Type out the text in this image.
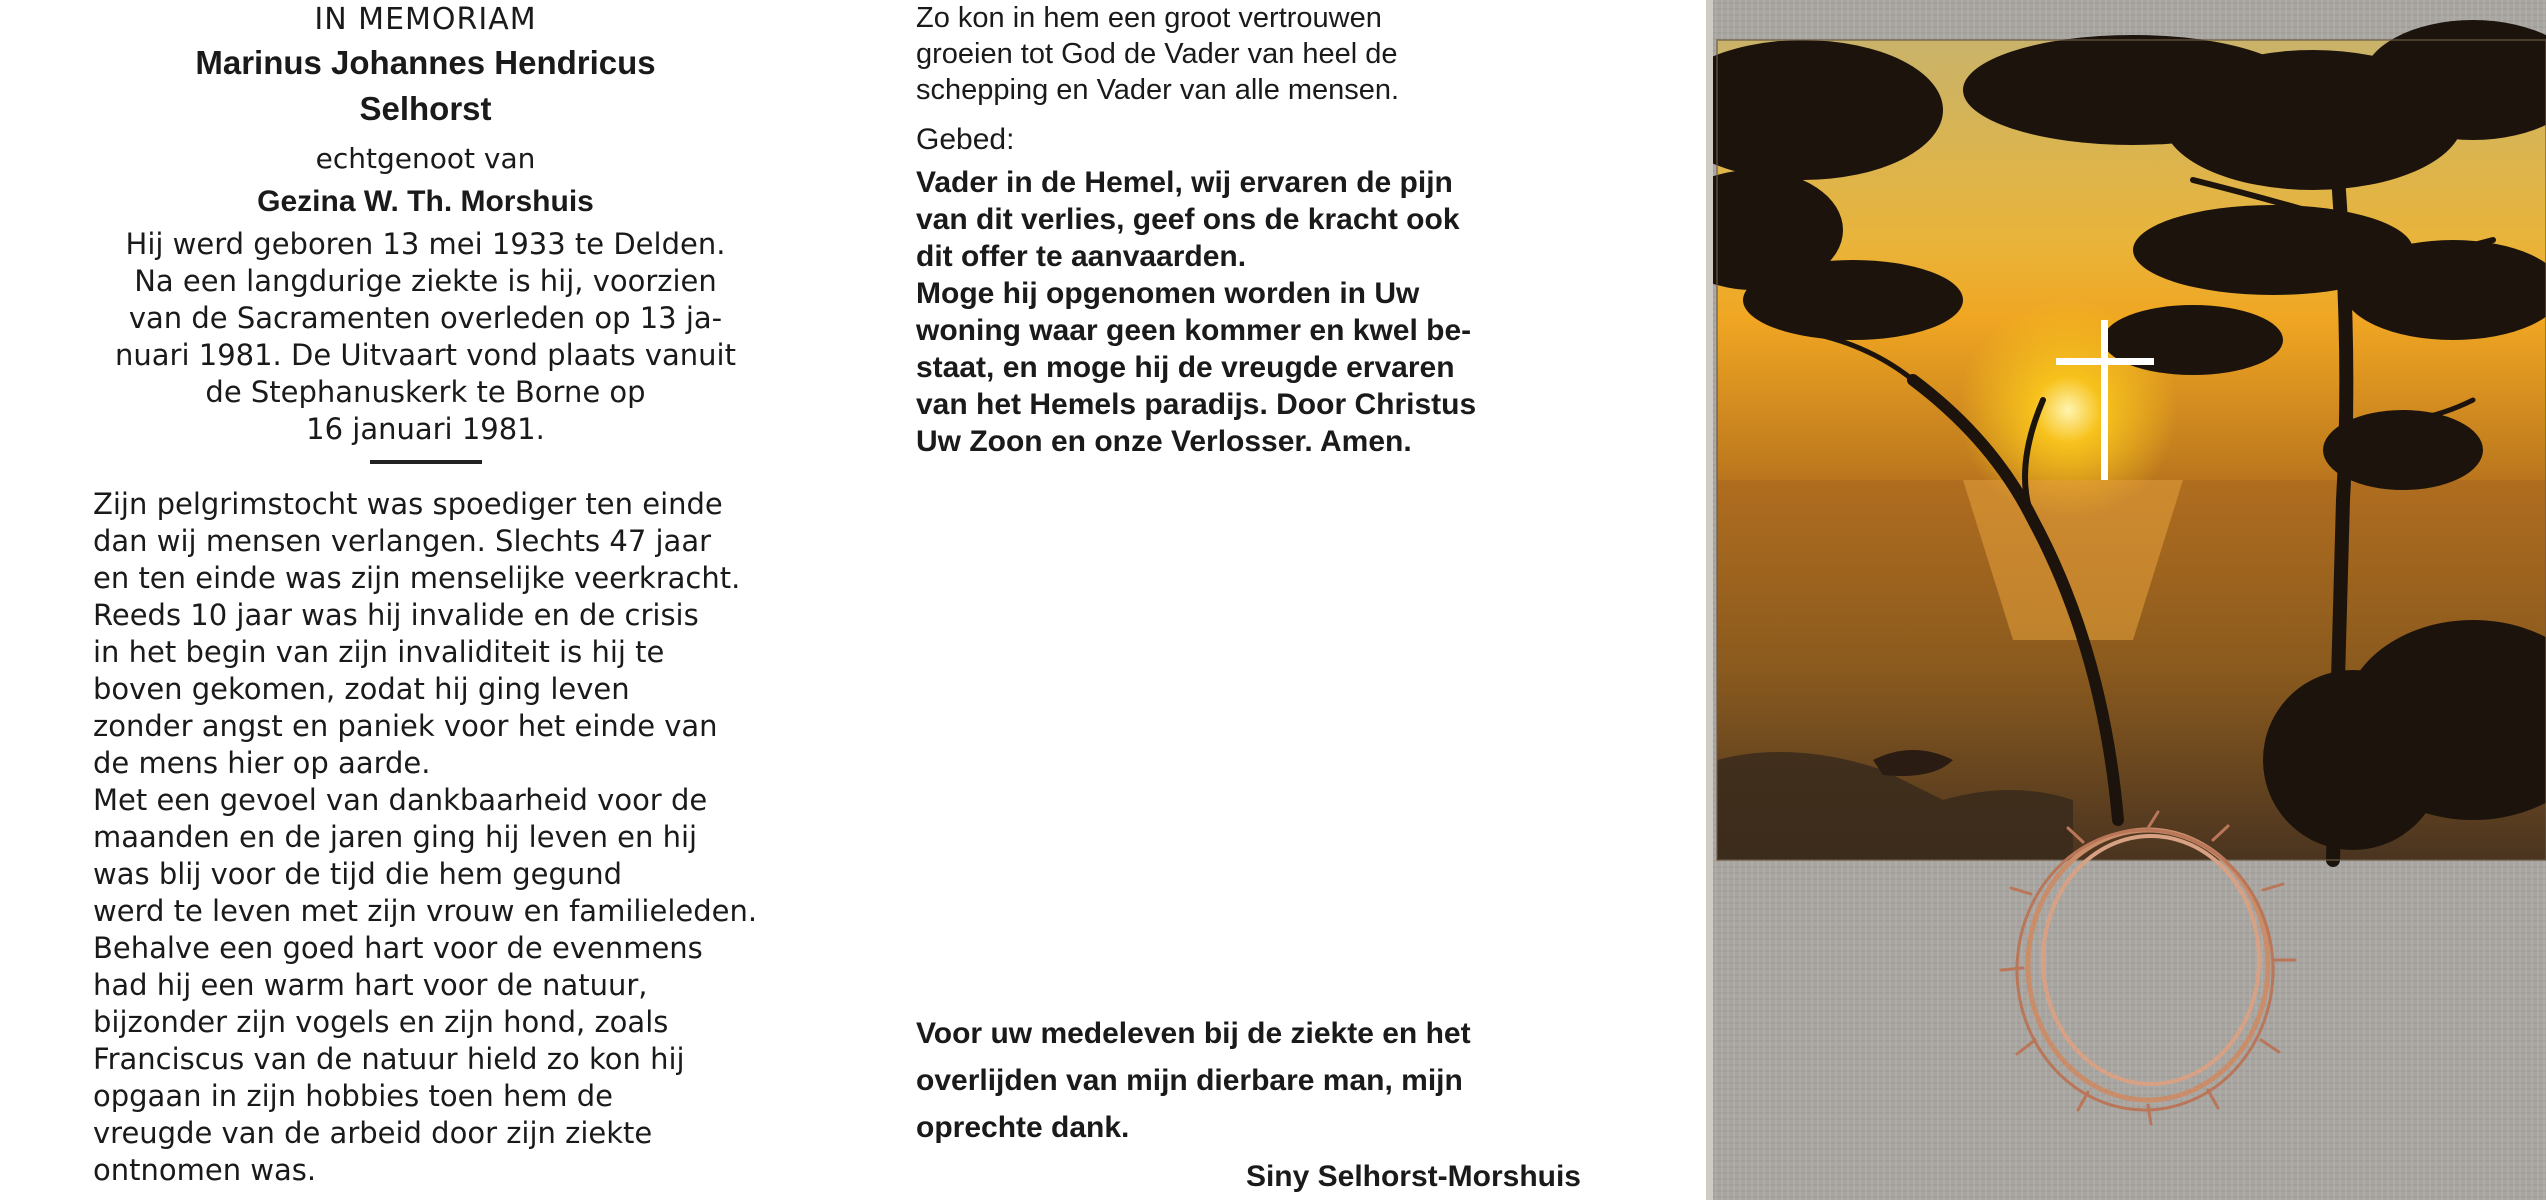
IN MEMORIAM
Marinus Johannes Hendricus
Selhorst
echtgenoot van
Gezina W. Th. Morshuis
Hij werd geboren 13 mei 1933 te Delden.
Na een langdurige ziekte is hij, voorzien
van de Sacramenten overleden op 13 ja-
nuari 1981. De Uitvaart vond plaats vanuit
de Stephanuskerk te Borne op
16 januari 1981.
Zijn pelgrimstocht was spoediger ten einde
dan wij mensen verlangen. Slechts 47 jaar
en ten einde was zijn menselijke veerkracht.
Reeds 10 jaar was hij invalide en de crisis
in het begin van zijn invaliditeit is hij te
boven gekomen, zodat hij ging leven
zonder angst en paniek voor het einde van
de mens hier op aarde.
Met een gevoel van dankbaarheid voor de
maanden en de jaren ging hij leven en hij
was blij voor de tijd die hem gegund
werd te leven met zijn vrouw en familieleden.
Behalve een goed hart voor de evenmens
had hij een warm hart voor de natuur,
bijzonder zijn vogels en zijn hond, zoals
Franciscus van de natuur hield zo kon hij
opgaan in zijn hobbies toen hem de
vreugde van de arbeid door zijn ziekte
ontnomen was.
Zo kon in hem een groot vertrouwen
groeien tot God de Vader van heel de
schepping en Vader van alle mensen.
Gebed:
Vader in de Hemel, wij ervaren de pijn
van dit verlies, geef ons de kracht ook
dit offer te aanvaarden.
Moge hij opgenomen worden in Uw
woning waar geen kommer en kwel be-
staat, en moge hij de vreugde ervaren
van het Hemels paradijs. Door Christus
Uw Zoon en onze Verlosser. Amen.
Voor uw medeleven bij de ziekte en het
overlijden van mijn dierbare man, mijn
oprechte dank.
Siny Selhorst-Morshuis
